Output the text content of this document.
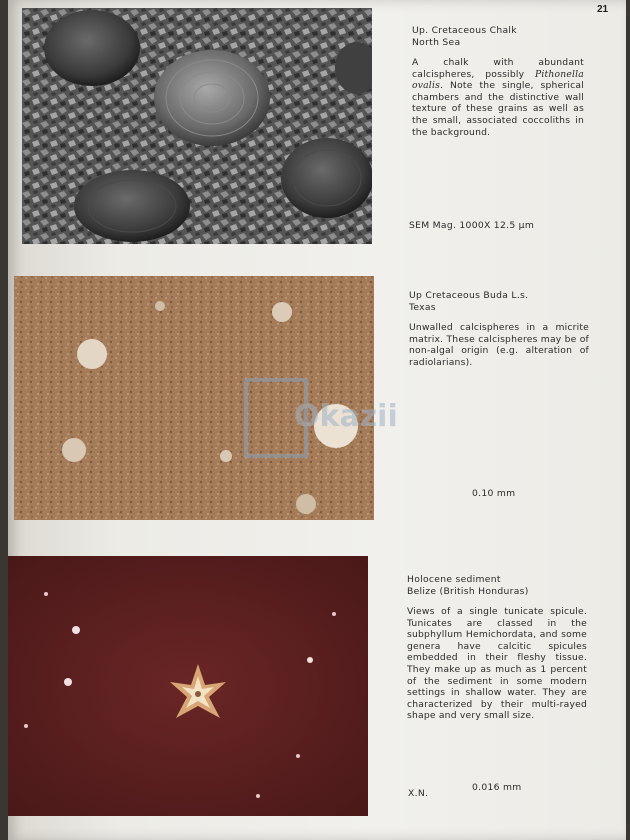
21
Up. Cretaceous Chalk
North Sea
A chalk with abundant calcispheres, possibly Pithonella ovalis. Note the single, spherical chambers and the distinctive wall texture of these grains as well as the small, associated coccoliths in the background.
SEM Mag. 1000X 12.5 µm
Up Cretaceous Buda L.s.
Texas
Unwalled calcispheres in a micrite matrix. These calcispheres may be of non-algal origin (e.g. alteration of radiolarians).
0.10 mm
Okazii
Holocene sediment
Belize (British Honduras)
Views of a single tunicate spicule. Tunicates are classed in the subphyllum Hemichordata, and some genera have calcitic spicules embedded in their fleshy tissue. They make up as much as 1 percent of the sediment in some modern settings in shallow water. They are characterized by their multi-rayed shape and very small size.
X.N.
0.016 mm
